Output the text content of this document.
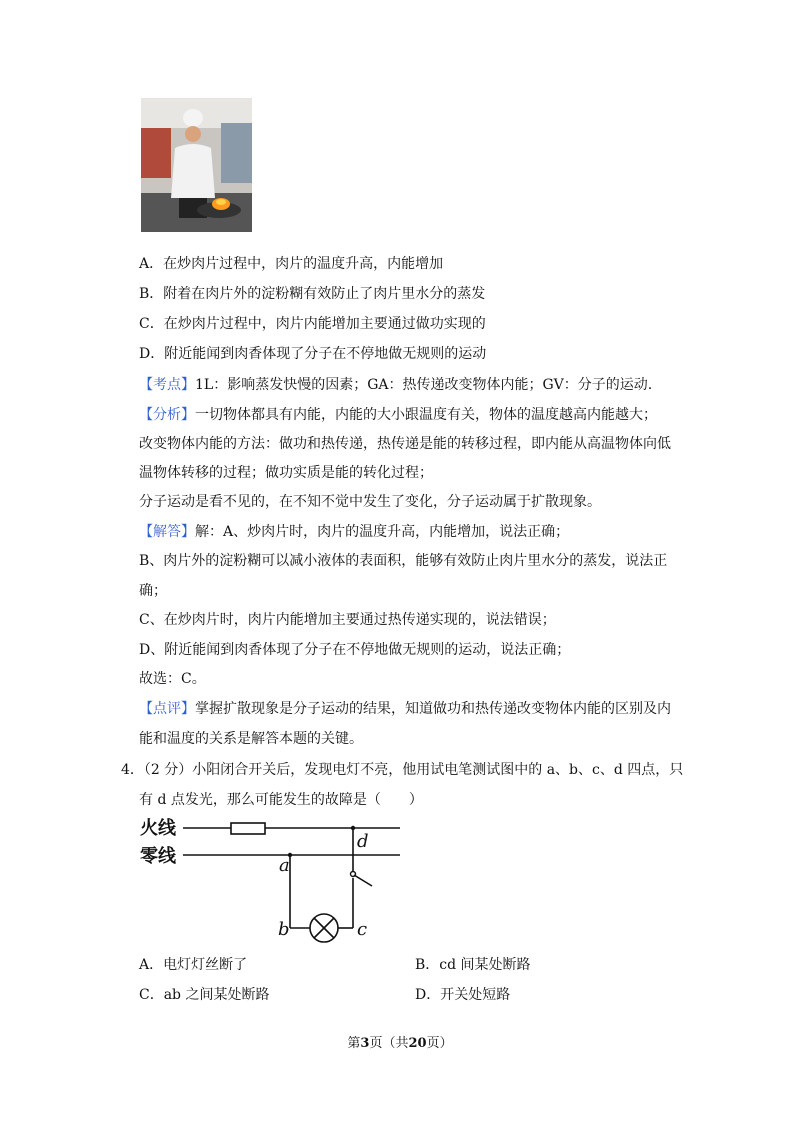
A．在炒肉片过程中，肉片的温度升高，内能增加
B．附着在肉片外的淀粉糊有效防止了肉片里水分的蒸发
C．在炒肉片过程中，肉片内能增加主要通过做功实现的
D．附近能闻到肉香体现了分子在不停地做无规则的运动
【考点】1L：影响蒸发快慢的因素；GA：热传递改变物体内能；GV：分子的运动.
【分析】一切物体都具有内能，内能的大小跟温度有关，物体的温度越高内能越大；
改变物体内能的方法：做功和热传递，热传递是能的转移过程，即内能从高温物体向低
温物体转移的过程；做功实质是能的转化过程；
分子运动是看不见的，在不知不觉中发生了变化，分子运动属于扩散现象。
【解答】解：A、炒肉片时，肉片的温度升高，内能增加，说法正确；
B、肉片外的淀粉糊可以减小液体的表面积，能够有效防止肉片里水分的蒸发，说法正
确；
C、在炒肉片时，肉片内能增加主要通过热传递实现的，说法错误；
D、附近能闻到肉香体现了分子在不停地做无规则的运动，说法正确；
故选：C。
【点评】掌握扩散现象是分子运动的结果，知道做功和热传递改变物体内能的区别及内
能和温度的关系是解答本题的关键。
4．（2 分）小阳闭合开关后，发现电灯不亮，他用试电笔测试图中的 a、b、c、d 四点，只
有 d 点发光，那么可能发生的故障是（　　）
火线
零线
d
a
b	c
A．电灯灯丝断了	B．cd 间某处断路
C．ab 之间某处断路	D．开关处短路
第3页（共20页）
